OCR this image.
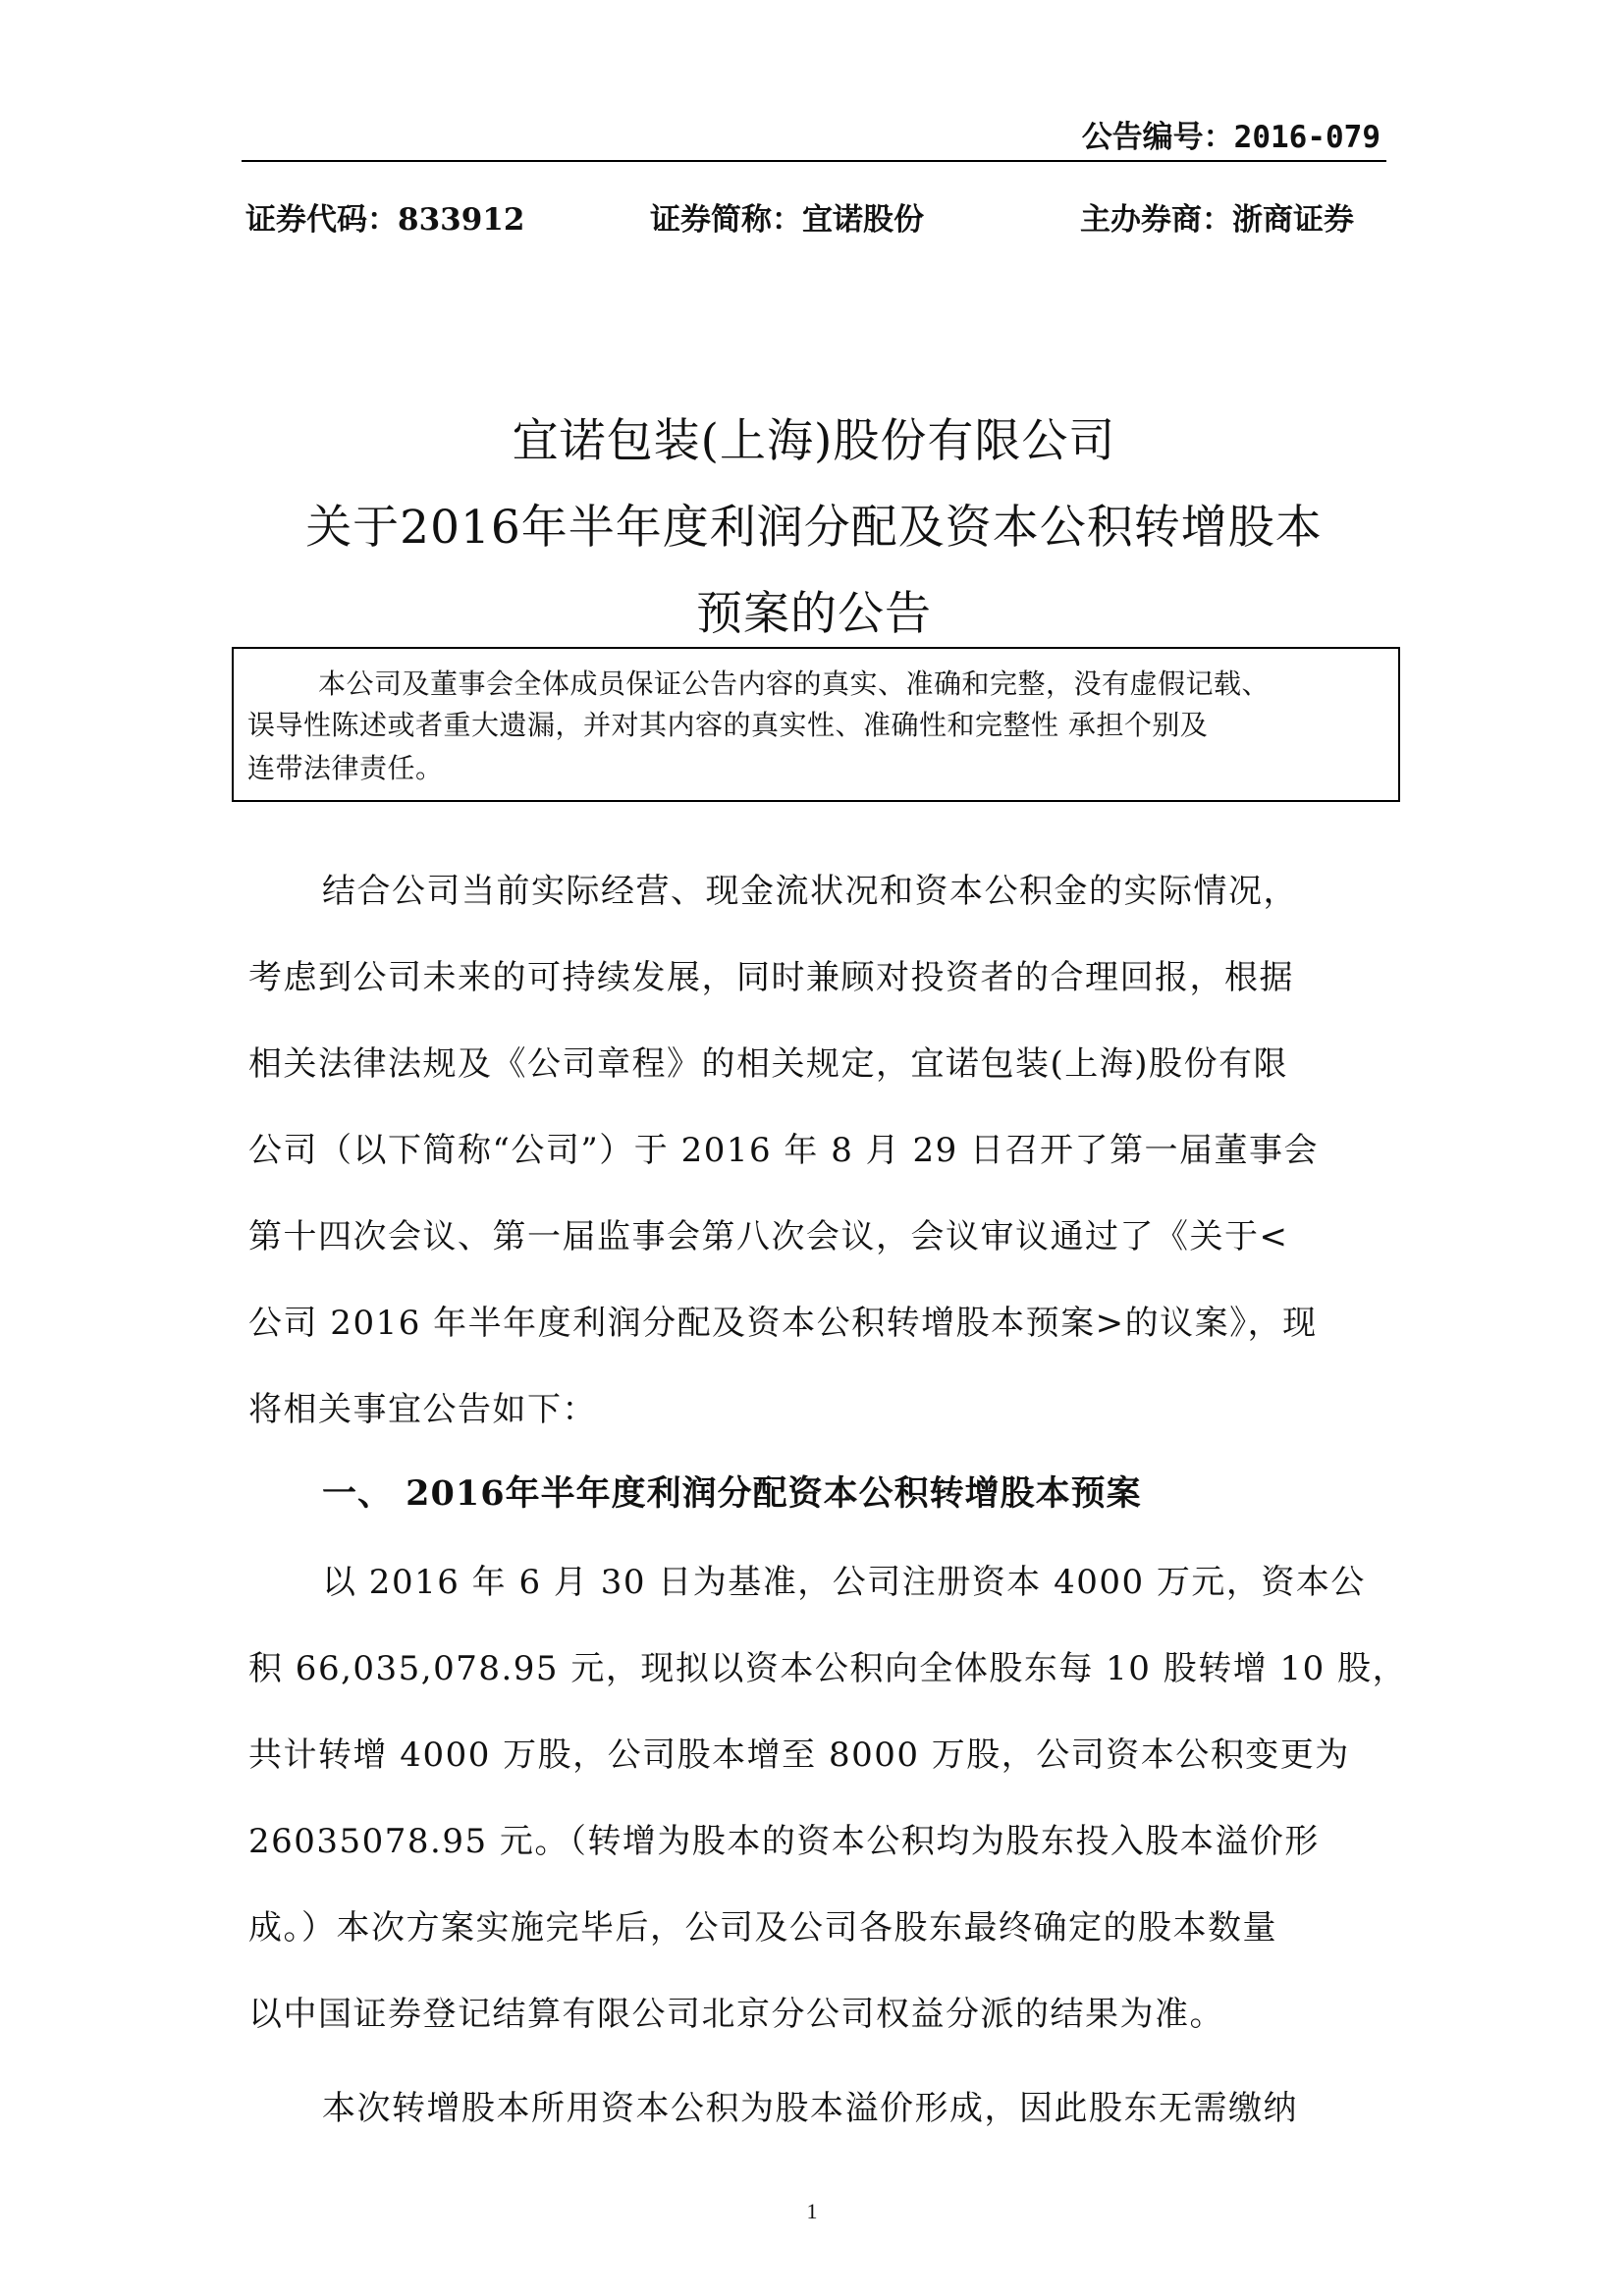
公告编号：2016-079
证券代码：833912	证券简称：宜诺股份	主办券商：浙商证券
宜诺包装(上海)股份有限公司
关于2016年半年度利润分配及资本公积转增股本
预案的公告
本公司及董事会全体成员保证公告内容的真实、准确和完整，没有虚假记载、
误导性陈述或者重大遗漏，并对其内容的真实性、准确性和完整性 承担个别及
连带法律责任。
结合公司当前实际经营、现金流状况和资本公积金的实际情况，
考虑到公司未来的可持续发展，同时兼顾对投资者的合理回报，根据
相关法律法规及《公司章程》的相关规定，宜诺包装(上海)股份有限
公司（以下简称“公司”）于 2016 年 8 月 29 日召开了第一届董事会
第十四次会议、第一届监事会第八次会议，会议审议通过了《关于<
公司 2016 年半年度利润分配及资本公积转增股本预案>的议案》，现
将相关事宜公告如下：
一、 2016年半年度利润分配资本公积转增股本预案
以 2016 年 6 月 30 日为基准，公司注册资本 4000 万元，资本公
积 66,035,078.95 元，现拟以资本公积向全体股东每 10 股转增 10 股，
共计转增 4000 万股，公司股本增至 8000 万股，公司资本公积变更为
26035078.95 元。（转增为股本的资本公积均为股东投入股本溢价形
成。）本次方案实施完毕后，公司及公司各股东最终确定的股本数量
以中国证券登记结算有限公司北京分公司权益分派的结果为准。
本次转增股本所用资本公积为股本溢价形成，因此股东无需缴纳
1
